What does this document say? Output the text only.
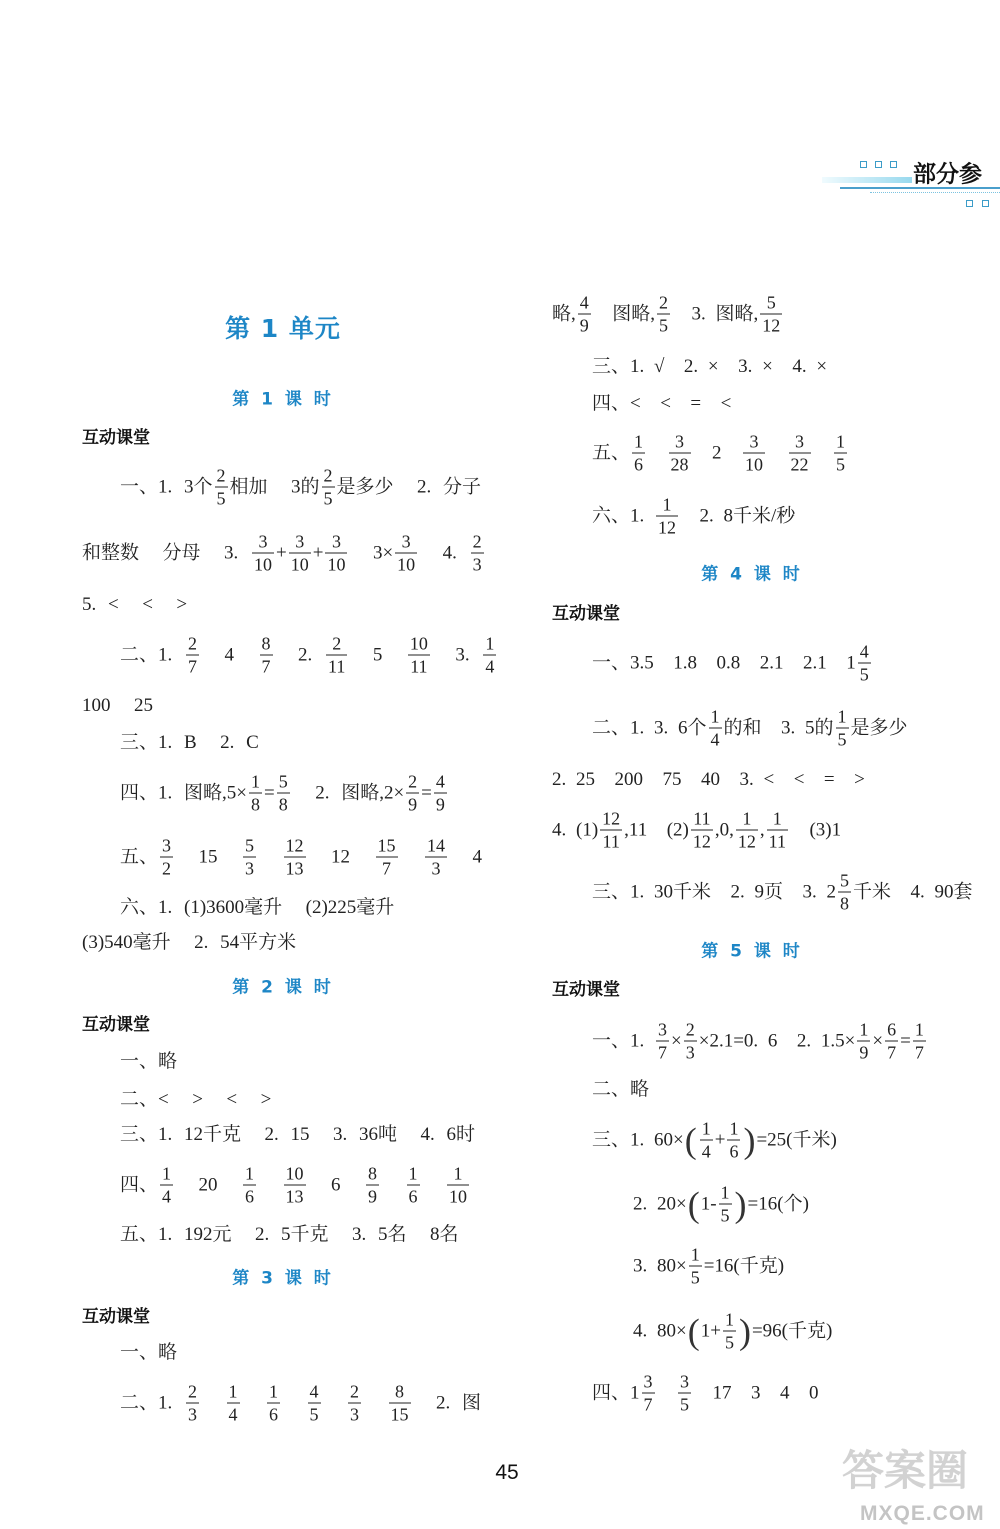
部分参
第 1 单元
第 1 课 时
互动课堂
一、1. 3个 $\frac{2}{5}$ 相加  3的 $\frac{2}{5}$ 是多少  2. 分子
和整数  分母  3. $\frac{3}{10} + \frac{3}{10} + \frac{3}{10} 3\times \frac{3}{10} 4$. $\frac{2}{3}$
5. <  <  >
二、1. $\frac{2}{7} 4 \frac{8}{7} 2$. $\frac{2}{11} 5 \frac{10}{11} 3$. $\frac{1}{4}$
100  25
三、1. B  2. C
四、1. 图略$,5\times \frac{1}{8} = \frac{5}{8} 2$. 图略$,2\times \frac{2}{9} = \frac{4}{9}$
五、 $\frac{3}{2} 15 \frac{5}{3}$
$\frac{12}{13} 12 \frac{15}{7}$
$\frac{14}{3} 4$
六、1. (1)3600毫升  (2)225毫升
(3)540毫升  2. 54平方米
第 2 课 时
互动课堂
一、略
二、<  >  <  >
三、1. 12千克  2. 15  3. 36吨  4. 6时
四、 $\frac{1}{4} 20 \frac{1}{6}$
$\frac{10}{13} 6 \frac{8}{9}$
$\frac{1}{6}$
$\frac{1}{10}$
五、1. 192元  2. 5千克  3. 5名  8名
第 3 课 时
互动课堂
一、略
二、1. $\frac{2}{3}$
$\frac{1}{4}$
$\frac{1}{6}$
$\frac{4}{5}$
$\frac{2}{3}$
$\frac{8}{15} 2$. 图
略, $\frac{4}{9}$ 图略, $\frac{2}{5} 3$. 图略, $\frac{5}{12}$
三、1. √  2. ×  3. ×  4. ×
四、<  <  =  <
五、 $\frac{1}{6}$
$\frac{3}{28} 2 \frac{3}{10}$
$\frac{3}{22}$
$\frac{1}{5}$
六、1. $\frac{1}{12} 2$. 8千米/秒
第 4 课 时
互动课堂
一、3.5  1.8  0.8  2.1  2.1  $1 \frac{4}{5}$
二、1. 3. 6个 $\frac{1}{4}$ 的和  3. 5的 $\frac{1}{5}$ 是多少
2. 25  200  75  40  3. <  <  =  >
4. $(1) \frac{12}{11} ,11$  $(2) \frac{11}{12} ,0$, $\frac{1}{12}$ , $\frac{1}{11} (3)1$
三、1. 30千米  2. 9页  3. $2 \frac{5}{8}$ 千米  4. 90套
第 5 课 时
互动课堂
一、1. $\frac{3}{7} \times \frac{2}{3} \times 2.1=0$. 6  2. $1.5\times \frac{1}{9} \times \frac{6}{7} = \frac{1}{7}$
二、略
三、1. 60× ( $\frac{1}{4} + \frac{1}{6}$ ) =25(千米)
2. 20× ( $1- \frac{1}{5}$ ) =16(个)
3. $80\times \frac{1}{5} =16$(千克)
4. 80× ( $1+ \frac{1}{5}$ ) =96(千克)
四、$1 \frac{3}{7}$
$\frac{3}{5} 17$  3  4  0
45	答案圈
MXQE.COM
